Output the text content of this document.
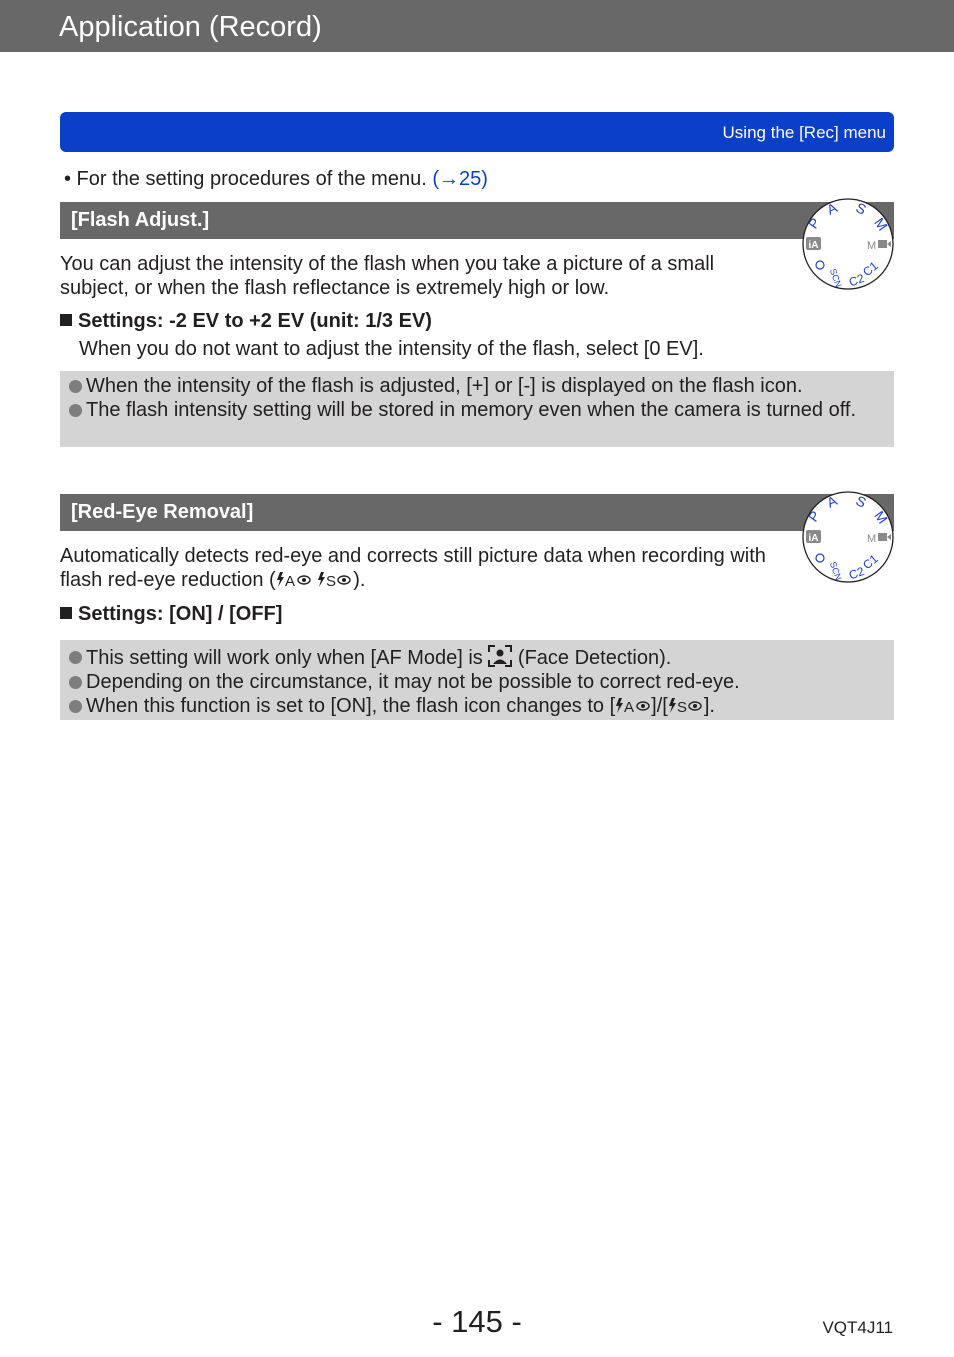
Application (Record)
Using the [Rec] menu
• For the setting procedures of the menu. (→25)
[Flash Adjust.]
You can adjust the intensity of the flash when you take a picture of a small subject, or when the flash reflectance is extremely high or low.
Settings: -2 EV to +2 EV (unit: 1/3 EV)
When you do not want to adjust the intensity of the flash, select [0 EV].
When the intensity of the flash is adjusted, [+] or [-] is displayed on the flash icon.
The flash intensity setting will be stored in memory even when the camera is turned off.
[Red-Eye Removal]
Automatically detects red-eye and corrects still picture data when recording with flash red-eye reduction (	).
Settings: [ON] / [OFF]
This setting will work only when [AF Mode] is  (Face Detection).
Depending on the circumstance, it may not be possible to correct red-eye.
When this function is set to [ON], the flash icon changes to [ ]/[ ].
- 145 -	VQT4J11
